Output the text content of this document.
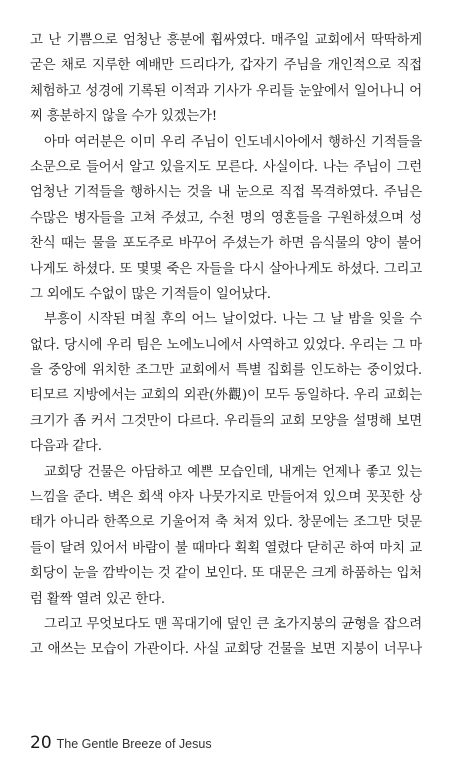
고 난 기쁨으로 엄청난 흥분에 휩싸였다. 매주일 교회에서 딱딱하게
굳은 채로 지루한 예배만 드리다가, 갑자기 주님을 개인적으로 직접
체험하고 성경에 기록된 이적과 기사가 우리들 눈앞에서 일어나니 어
찌 흥분하지 않을 수가 있겠는가!
아마 여러분은 이미 우리 주님이 인도네시아에서 행하신 기적들을
소문으로 들어서 알고 있을지도 모른다. 사실이다. 나는 주님이 그런
엄청난 기적들을 행하시는 것을 내 눈으로 직접 목격하였다. 주님은
수많은 병자들을 고쳐 주셨고, 수천 명의 영혼들을 구원하셨으며 성
찬식 때는 물을 포도주로 바꾸어 주셨는가 하면 음식물의 양이 불어
나게도 하셨다. 또 몇몇 죽은 자들을 다시 살아나게도 하셨다. 그리고
그 외에도 수없이 많은 기적들이 일어났다.
부흥이 시작된 며칠 후의 어느 날이었다. 나는 그 날 밤을 잊을 수
없다. 당시에 우리 팀은 노에노니에서 사역하고 있었다. 우리는 그 마
을 중앙에 위치한 조그만 교회에서 특별 집회를 인도하는 중이었다.
티모르 지방에서는 교회의 외관(外觀)이 모두 동일하다. 우리 교회는
크기가 좀 커서 그것만이 다르다. 우리들의 교회 모양을 설명해 보면
다음과 같다.
교회당 건물은 아담하고 예쁜 모습인데, 내게는 언제나 좋고 있는
느낌을 준다. 벽은 회색 야자 나뭇가지로 만들어져 있으며 꼿꼿한 상
태가 아니라 한쪽으로 기울어져 축 처져 있다. 창문에는 조그만 덧문
들이 달려 있어서 바람이 불 때마다 획획 열렸다 닫히곤 하여 마치 교
회당이 눈을 깜박이는 것 같이 보인다. 또 대문은 크게 하품하는 입처
럼 활짝 열려 있곤 한다.
그리고 무엇보다도 맨 꼭대기에 덮인 큰 초가지붕의 균형을 잡으려
고 애쓰는 모습이 가관이다. 사실 교회당 건물을 보면 지붕이 너무나
20 The Gentle Breeze of Jesus
